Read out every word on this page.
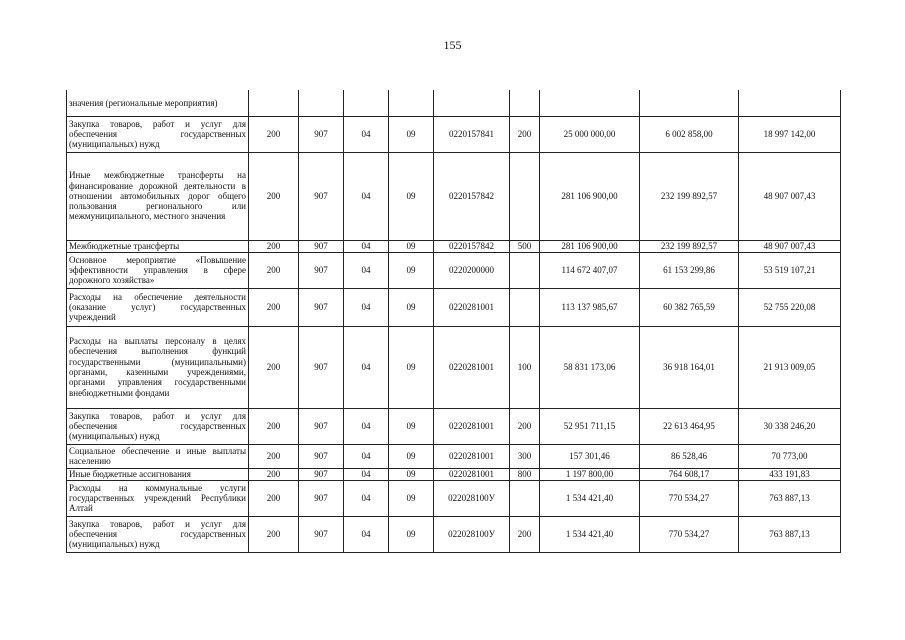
155
значения (региональные мероприятия)									
Закупка товаров, работ и услуг для обеспечения государственных (муниципальных) нужд	200	907	04	09	0220157841	200	25 000 000,00	6 002 858,00	18 997 142,00
Иные межбюджетные трансферты на финансирование дорожной деятельности в отношении автомобильных дорог общего пользования регионального или межмуниципального, местного значения	200	907	04	09	0220157842		281 106 900,00	232 199 892,57	48 907 007,43
Межбюджетные трансферты	200	907	04	09	0220157842	500	281 106 900,00	232 199 892,57	48 907 007,43
Основное мероприятие «Повышение эффективности управления в сфере дорожного хозяйства»	200	907	04	09	0220200000		114 672 407,07	61 153 299,86	53 519 107,21
Расходы на обеспечение деятельности (оказание услуг) государственных учреждений	200	907	04	09	0220281001		113 137 985,67	60 382 765,59	52 755 220,08
Расходы на выплаты персоналу в целях обеспечения выполнения функций государственными (муниципальными) органами, казенными учреждениями, органами управления государственными внебюджетными фондами	200	907	04	09	0220281001	100	58 831 173,06	36 918 164,01	21 913 009,05
Закупка товаров, работ и услуг для обеспечения государственных (муниципальных) нужд	200	907	04	09	0220281001	200	52 951 711,15	22 613 464,95	30 338 246,20
Социальное обеспечение и иные выплаты населению	200	907	04	09	0220281001	300	157 301,46	86 528,46	70 773,00
Иные бюджетные ассигнования	200	907	04	09	0220281001	800	1 197 800,00	764 608,17	433 191,83
Расходы на коммунальные услуги государственных учреждений Республики Алтай	200	907	04	09	022028100У		1 534 421,40	770 534,27	763 887,13
Закупка товаров, работ и услуг для обеспечения государственных (муниципальных) нужд	200	907	04	09	022028100У	200	1 534 421,40	770 534,27	763 887,13
